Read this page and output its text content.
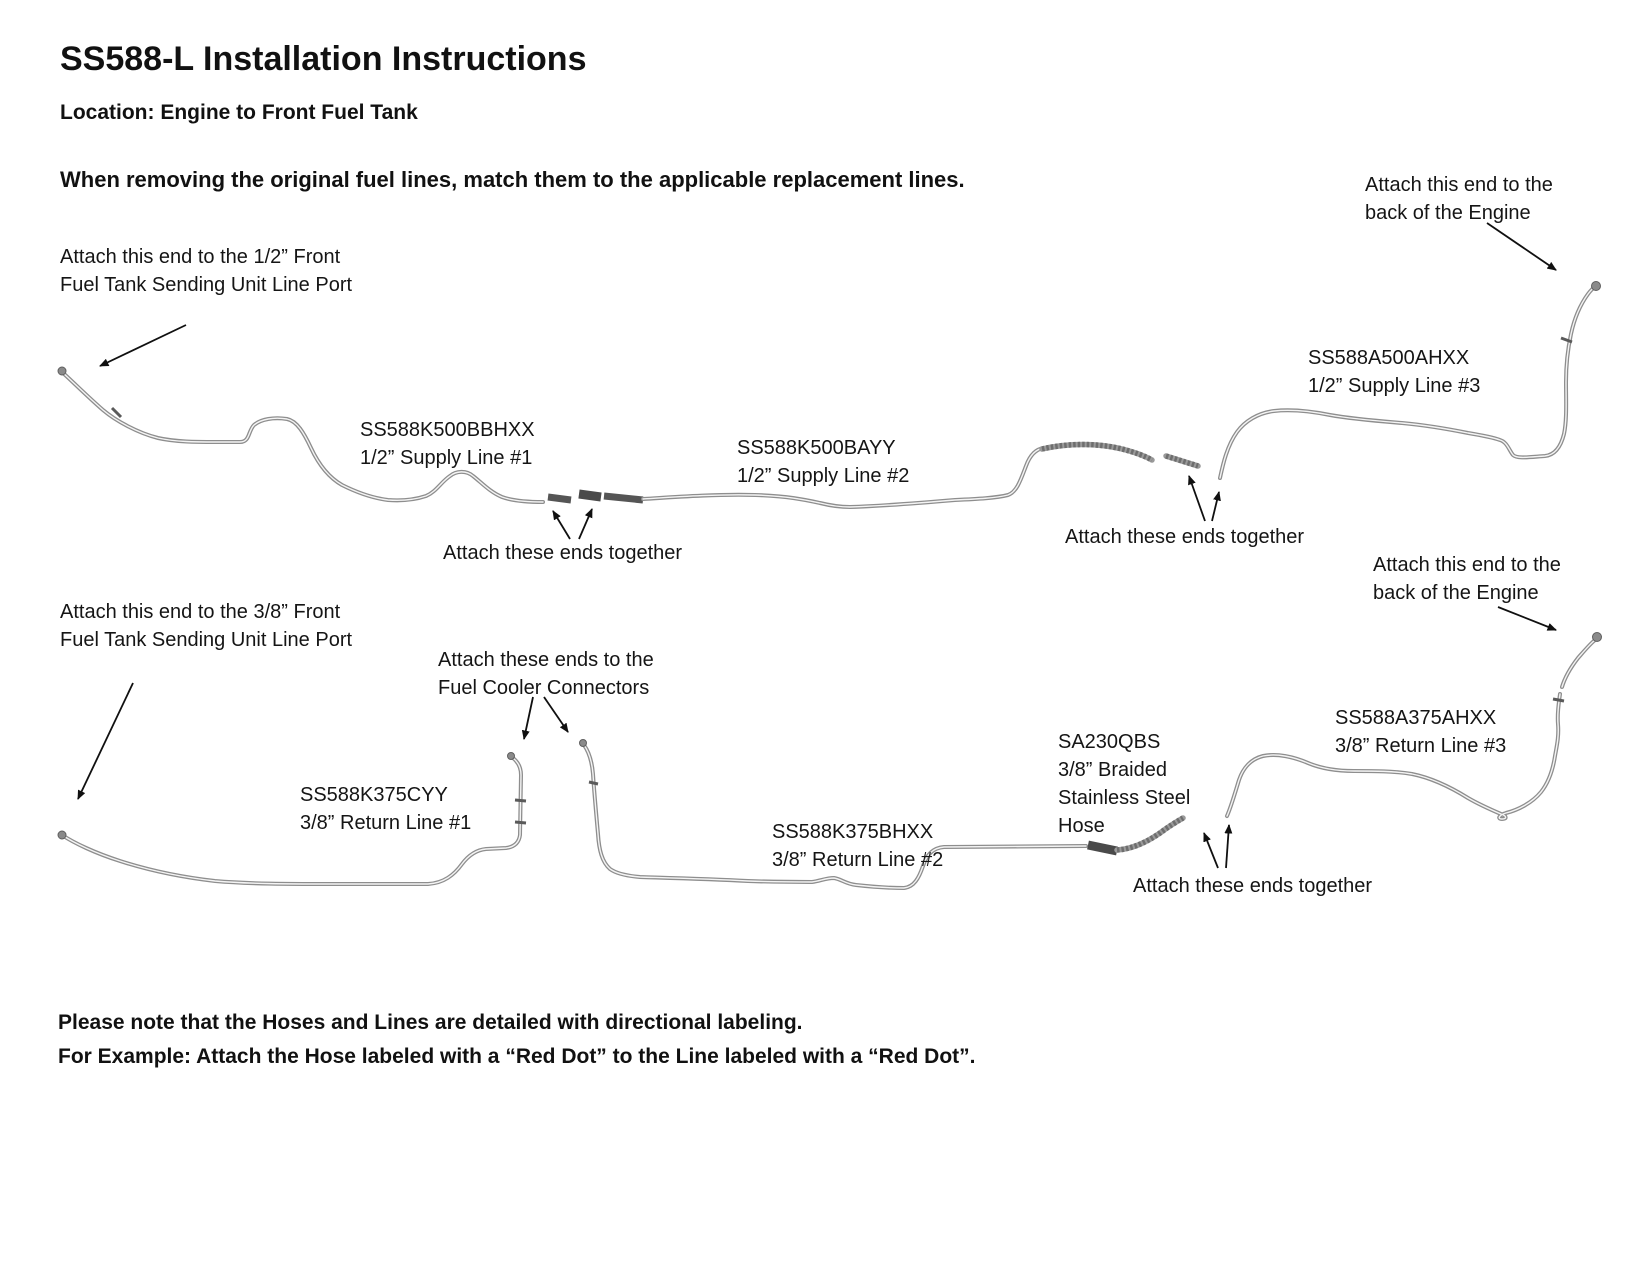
SS588-L Installation Instructions
Location: Engine to Front Fuel Tank
When removing the original fuel lines, match them to the applicable replacement lines.
Attach this end to the 1/2” Front
Fuel Tank Sending Unit Line Port
Attach this end to the
back of the Engine
SS588K500BBHXX
1/2” Supply Line #1
Attach these ends together
SS588K500BAYY
1/2” Supply Line #2
Attach these ends together
SS588A500AHXX
1/2” Supply Line #3
Attach this end to the 3/8” Front
Fuel Tank Sending Unit Line Port
Attach these ends to the
Fuel Cooler Connectors
SS588K375CYY
3/8” Return Line #1	SS588K375BHXX
3/8” Return Line #2
SA230QBS
3/8” Braided
Stainless Steel
Hose
SS588A375AHXX
3/8” Return Line #3
Attach these ends together
Attach this end to the
back of the Engine
Please note that the Hoses and Lines are detailed with directional labeling.
For Example: Attach the Hose labeled with a “Red Dot” to the Line labeled with a “Red Dot”.
